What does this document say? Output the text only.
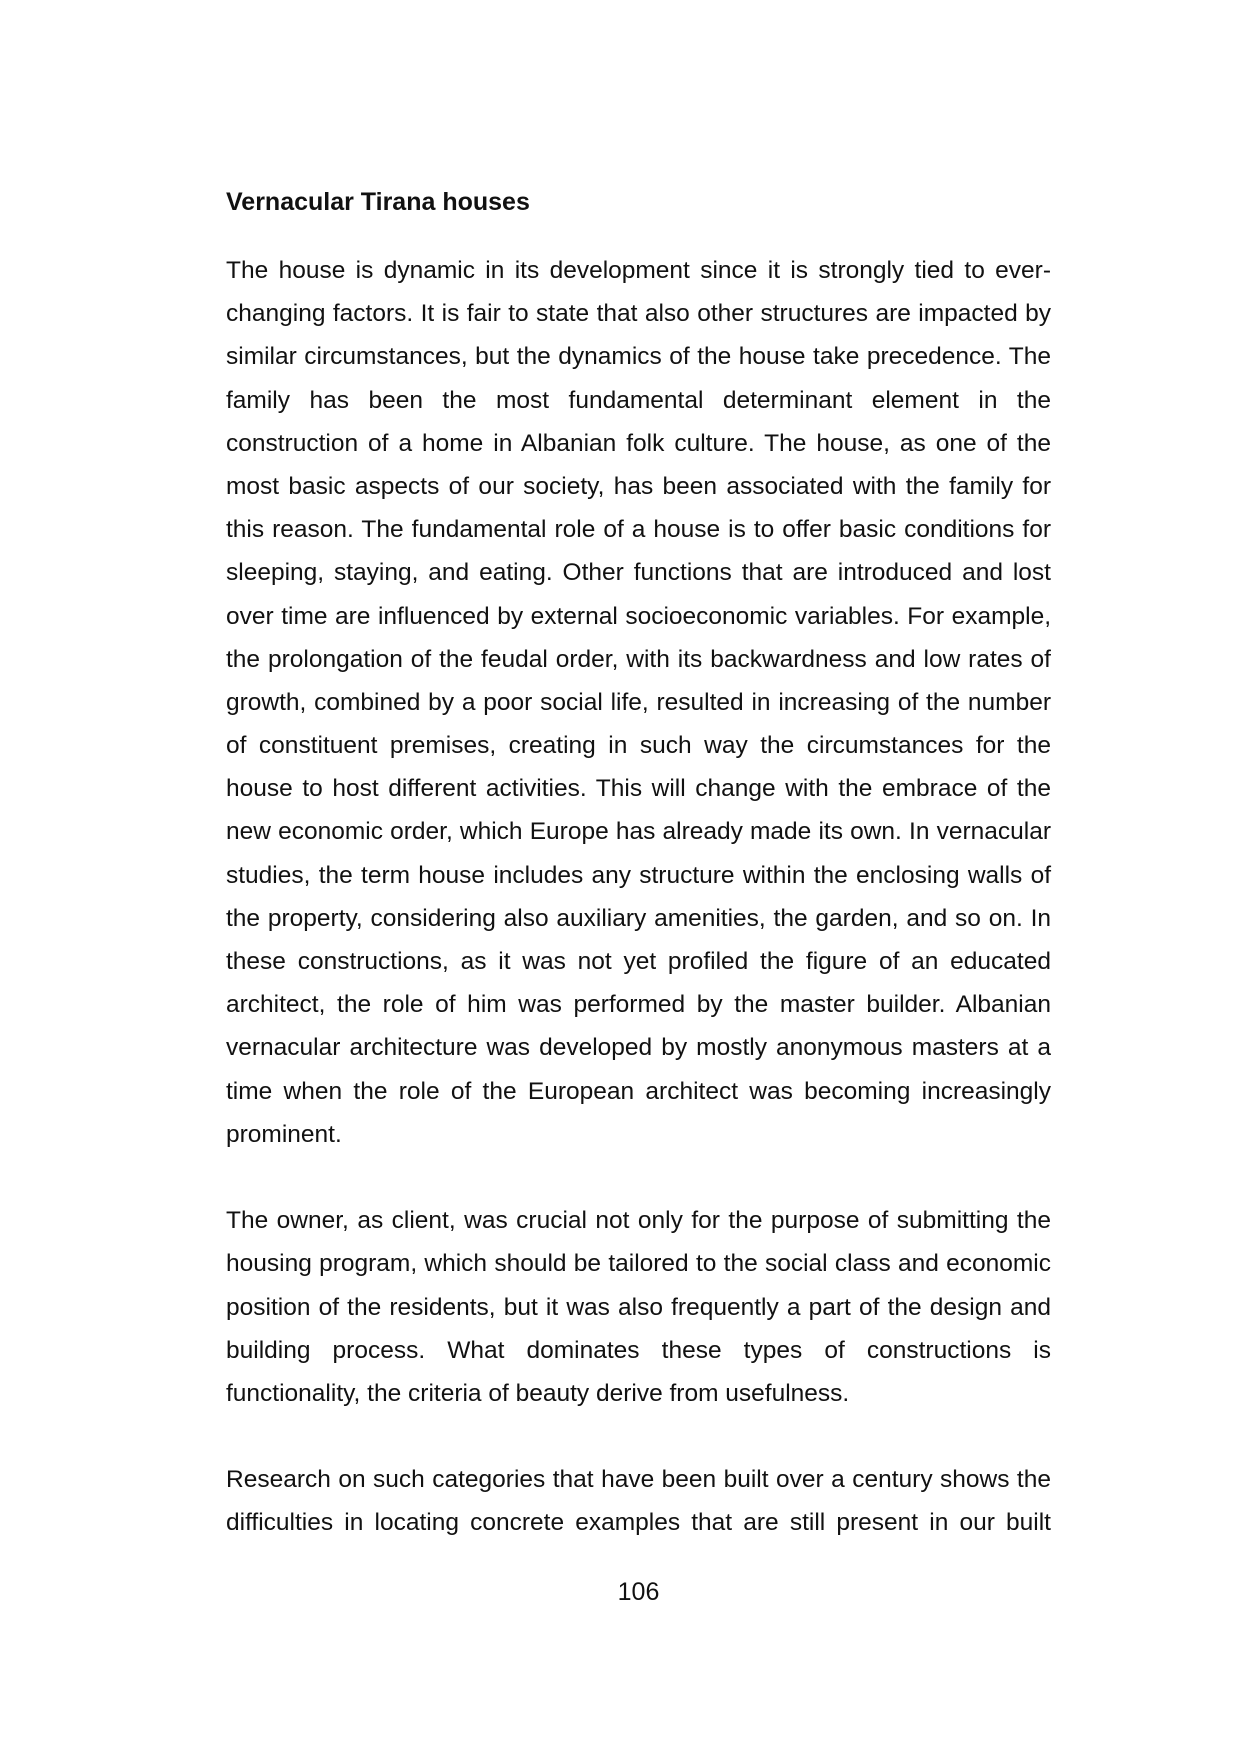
Vernacular Tirana houses
The house is dynamic in its development since it is strongly tied to ever-
changing factors. It is fair to state that also other structures are impacted by
similar circumstances, but the dynamics of the house take precedence. The
family has been the most fundamental determinant element in the
construction of a home in Albanian folk culture. The house, as one of the
most basic aspects of our society, has been associated with the family for
this reason. The fundamental role of a house is to offer basic conditions for
sleeping, staying, and eating. Other functions that are introduced and lost
over time are influenced by external socioeconomic variables. For example,
the prolongation of the feudal order, with its backwardness and low rates of
growth, combined by a poor social life, resulted in increasing of the number
of constituent premises, creating in such way the circumstances for the
house to host different activities. This will change with the embrace of the
new economic order, which Europe has already made its own. In vernacular
studies, the term house includes any structure within the enclosing walls of
the property, considering also auxiliary amenities, the garden, and so on. In
these constructions, as it was not yet profiled the figure of an educated
architect, the role of him was performed by the master builder. Albanian
vernacular architecture was developed by mostly anonymous masters at a
time when the role of the European architect was becoming increasingly
prominent.
The owner, as client, was crucial not only for the purpose of submitting the
housing program, which should be tailored to the social class and economic
position of the residents, but it was also frequently a part of the design and
building process. What dominates these types of constructions is
functionality, the criteria of beauty derive from usefulness.
Research on such categories that have been built over a century shows the
difficulties in locating concrete examples that are still present in our built
106
